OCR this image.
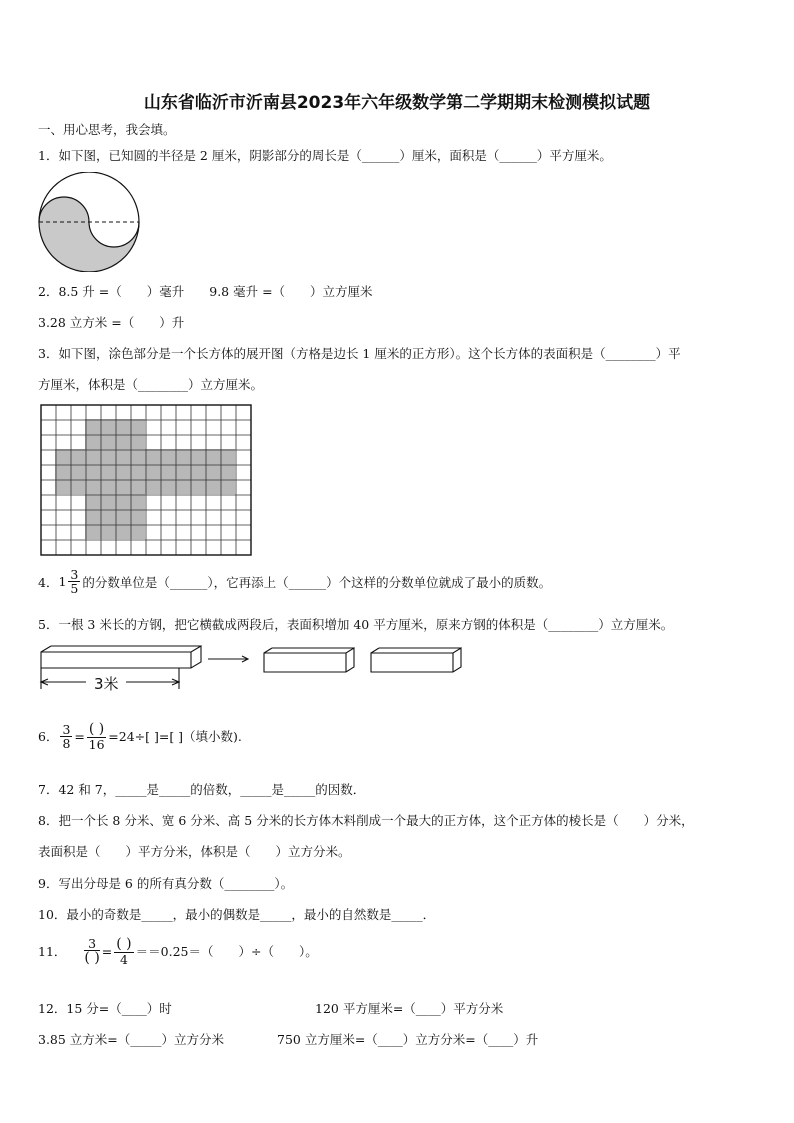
山东省临沂市沂南县2023年六年级数学第二学期期末检测模拟试题
一、用心思考，我会填。
1．如下图，已知圆的半径是 2 厘米，阴影部分的周长是（______）厘米，面积是（______）平方厘米。
2．8.5 升 =（　　）毫升　　9.8 毫升 =（　　）立方厘米
3.28 立方米 =（　　）升
3．如下图，涂色部分是一个长方体的展开图（方格是边长 1 厘米的正方形）。这个长方体的表面积是（________）平
方厘米，体积是（________）立方厘米。
4． $1 \frac{3}{5}$ 的分数单位是（______），它再添上（______）个这样的分数单位就成了最小的质数。
5．一根 3 米长的方钢，把它横截成两段后，表面积增加 40 平方厘米，原来方钢的体积是（________）立方厘米。
3米
6． $\frac{3}{8} = \frac{( )}{16} =24\div$[ ]=[ ]（填小数).
7．42 和 7，_____是_____的倍数，_____是_____的因数．
8．把一个长 8 分米、宽 6 分米、高 5 分米的长方体木料削成一个最大的正方体，这个正方体的棱长是（　　）分米，
表面积是（　　）平方分米，体积是（　　）立方分米。
9．写出分母是 6 的所有真分数（________）。
10．最小的奇数是_____，最小的偶数是_____，最小的自然数是_____．
11． $\frac{3}{( )} = \frac{( )}{4} ==0.25=$（　　）÷（　　）。
12．15 分=（____）时	120 平方厘米=（____）平方分米
3.85 立方米=（_____）立方分米	750 立方厘米=（____）立方分米=（____）升
